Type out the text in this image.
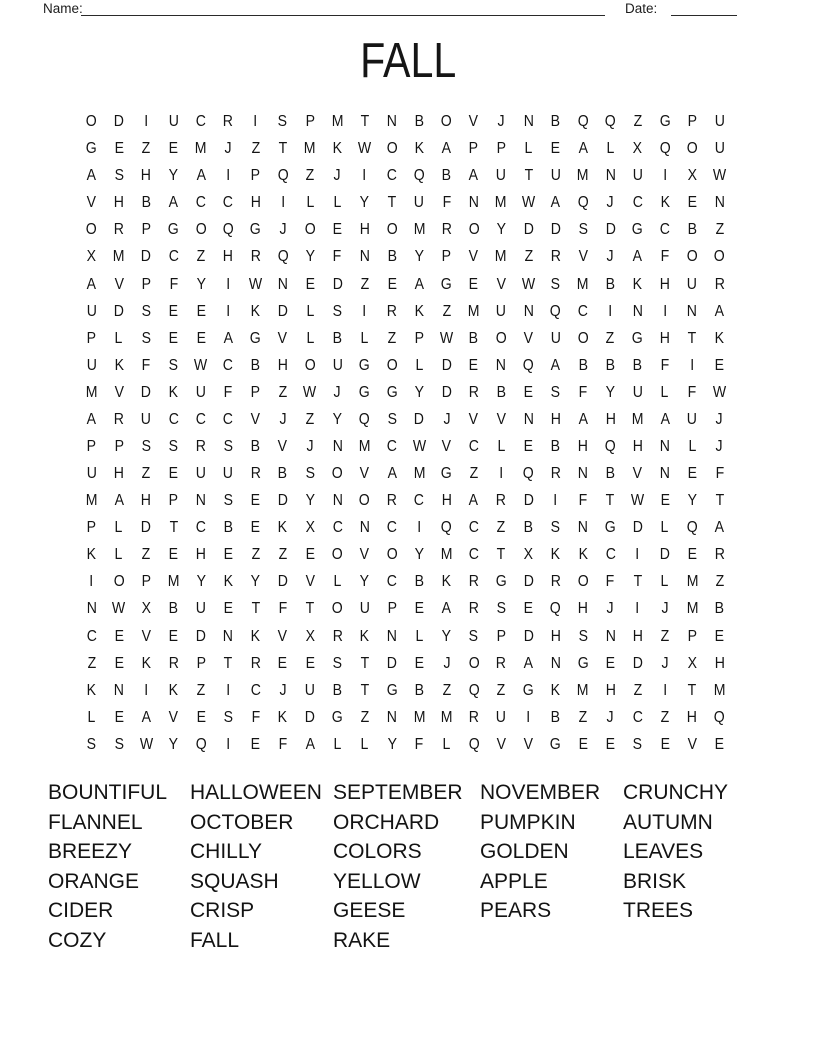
Name:	Date:
FALL
O D I U C R I S P M T N B O V J N B Q Q Z G P U
G E Z E M J Z T M K W O K A P P L E A L X Q O U
A S H Y A I P Q Z J I C Q B A U T U M N U I X W
V H B A C C H I L L Y T U F N M W A Q J C K E N
O R P G O Q G J O E H O M R O Y D D S D G C B Z
X M D C Z H R Q Y F N B Y P V M Z R V J A F O O
A V P F Y I W N E D Z E A G E V W S M B K H U R
U D S E E I K D L S I R K Z M U N Q C I N I N A
P L S E E A G V L B L Z P W B O V U O Z G H T K
U K F S W C B H O U G O L D E N Q A B B B F I E
M V D K U F P Z W J G G Y D R B E S F Y U L F W
A R U C C C V J Z Y Q S D J V V N H A H M A U J
P P S S R S B V J N M C W V C L E B H Q H N L J
U H Z E U U R B S O V A M G Z I Q R N B V N E F
M A H P N S E D Y N O R C H A R D I F T W E Y T
P L D T C B E K X C N C I Q C Z B S N G D L Q A
K L Z E H E Z Z E O V O Y M C T X K K C I D E R
I O P M Y K Y D V L Y C B K R G D R O F T L M Z
N W X B U E T F T O U P E A R S E Q H J I J M B
C E V E D N K V X R K N L Y S P D H S N H Z P E
Z E K R P T R E E S T D E J O R A N G E D J X H
K N I K Z I C J U B T G B Z Q Z G K M H Z I T M
L E A V E S F K D G Z N M M R U I B Z J C Z H Q
S S W Y Q I E F A L L Y F L Q V V G E E S E V E
BOUNTIFUL
FLANNEL
BREEZY
ORANGE
CIDER
COZY
HALLOWEEN
OCTOBER
CHILLY
SQUASH
CRISP
FALL
SEPTEMBER
ORCHARD
COLORS
YELLOW
GEESE
RAKE
NOVEMBER
PUMPKIN
GOLDEN
APPLE
PEARS
CRUNCHY
AUTUMN
LEAVES
BRISK
TREES
